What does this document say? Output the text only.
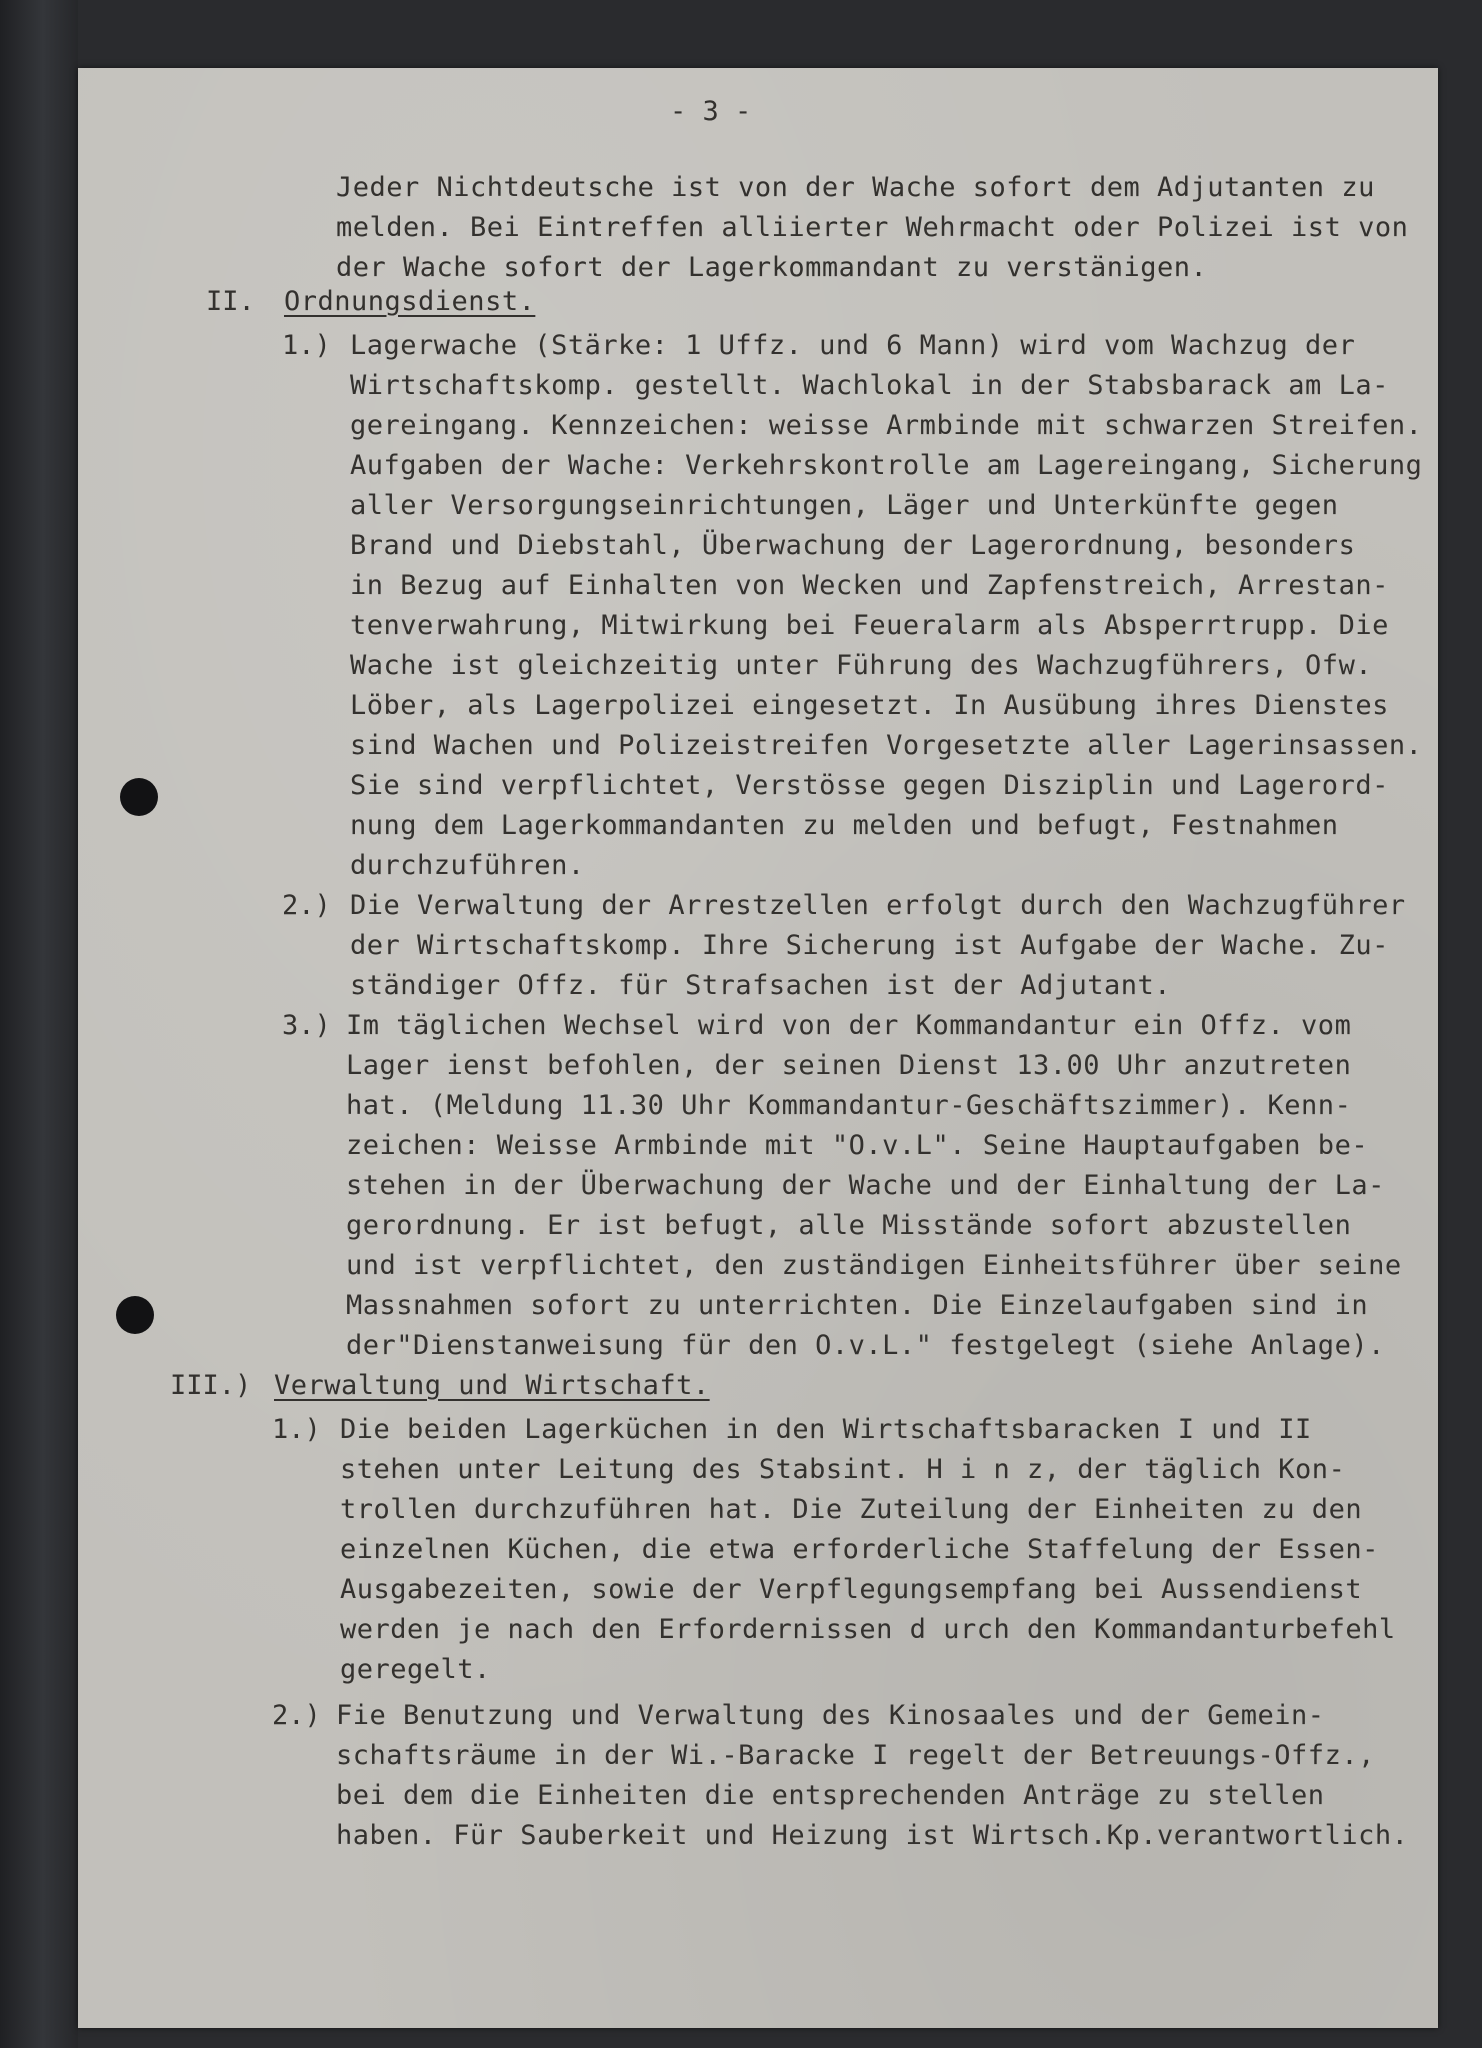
- 3 -
Jeder Nichtdeutsche ist von der Wache sofort dem Adjutanten zu
melden. Bei Eintreffen alliierter Wehrmacht oder Polizei ist von
der Wache sofort der Lagerkommandant zu verstänigen.
II. Ordnungsdienst.
1.) Lagerwache (Stärke: 1 Uffz. und 6 Mann) wird vom Wachzug der
Wirtschaftskomp. gestellt. Wachlokal in der Stabsbarack am La-
gereingang. Kennzeichen: weisse Armbinde mit schwarzen Streifen.
Aufgaben der Wache: Verkehrskontrolle am Lagereingang, Sicherung
aller Versorgungseinrichtungen, Läger und Unterkünfte gegen
Brand und Diebstahl, Überwachung der Lagerordnung, besonders
in Bezug auf Einhalten von Wecken und Zapfenstreich, Arrestan-
tenverwahrung, Mitwirkung bei Feueralarm als Absperrtrupp. Die
Wache ist gleichzeitig unter Führung des Wachzugführers, Ofw.
Löber, als Lagerpolizei eingesetzt. In Ausübung ihres Dienstes
sind Wachen und Polizeistreifen Vorgesetzte aller Lagerinsassen.
Sie sind verpflichtet, Verstösse gegen Disziplin und Lagerord-
nung dem Lagerkommandanten zu melden und befugt, Festnahmen
durchzuführen.
2.) Die Verwaltung der Arrestzellen erfolgt durch den Wachzugführer
der Wirtschaftskomp. Ihre Sicherung ist Aufgabe der Wache. Zu-
ständiger Offz. für Strafsachen ist der Adjutant.
3.) Im täglichen Wechsel wird von der Kommandantur ein Offz. vom
Lager ienst befohlen, der seinen Dienst 13.00 Uhr anzutreten
hat. (Meldung 11.30 Uhr Kommandantur-Geschäftszimmer). Kenn-
zeichen: Weisse Armbinde mit "O.v.L". Seine Hauptaufgaben be-
stehen in der Überwachung der Wache und der Einhaltung der La-
gerordnung. Er ist befugt, alle Misstände sofort abzustellen
und ist verpflichtet, den zuständigen Einheitsführer über seine
Massnahmen sofort zu unterrichten. Die Einzelaufgaben sind in
der"Dienstanweisung für den O.v.L." festgelegt (siehe Anlage).
III.) Verwaltung und Wirtschaft.
1.) Die beiden Lagerküchen in den Wirtschaftsbaracken I und II
stehen unter Leitung des Stabsint. H i n z, der täglich Kon-
trollen durchzuführen hat. Die Zuteilung der Einheiten zu den
einzelnen Küchen, die etwa erforderliche Staffelung der Essen-
Ausgabezeiten, sowie der Verpflegungsempfang bei Aussendienst
werden je nach den Erfordernissen d urch den Kommandanturbefehl
geregelt.
2.) Fie Benutzung und Verwaltung des Kinosaales und der Gemein-
schaftsräume in der Wi.-Baracke I regelt der Betreuungs-Offz.,
bei dem die Einheiten die entsprechenden Anträge zu stellen
haben. Für Sauberkeit und Heizung ist Wirtsch.Kp.verantwortlich.
